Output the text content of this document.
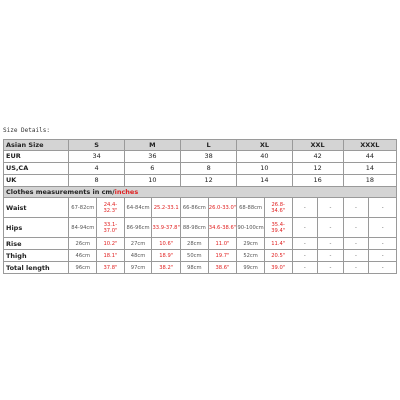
Size Details:
Asian Size	S		M		L		XL		XXL		XXXL	
EUR	34		36		38		40		42		44	
US,CA	4		6		8		10		12		14	
UK	8		10		12		14		16		18	
Clothes measurements in cm/inches												
Waist	67-82cm	24.4-32.3"	64-84cm	25.2-33.1	66-86cm	26.0-33.0"	68-88cm	26.8-34.6"	-	-	-	-
Hips	84-94cm	33.1-37.0"	86-96cm	33.9-37.8"	88-98cm	34.6-38.6"	90-100cm	35.4-39.4"	-	-	-	-
Rise	26cm	10.2"	27cm	10.6"	28cm	11.0"	29cm	11.4"	-	-	-	-
Thigh	46cm	18.1"	48cm	18.9"	50cm	19.7"	52cm	20.5"	-	-	-	-
Total length	96cm	37.8"	97cm	38.2"	98cm	38.6"	99cm	39.0"	-	-	-	-
